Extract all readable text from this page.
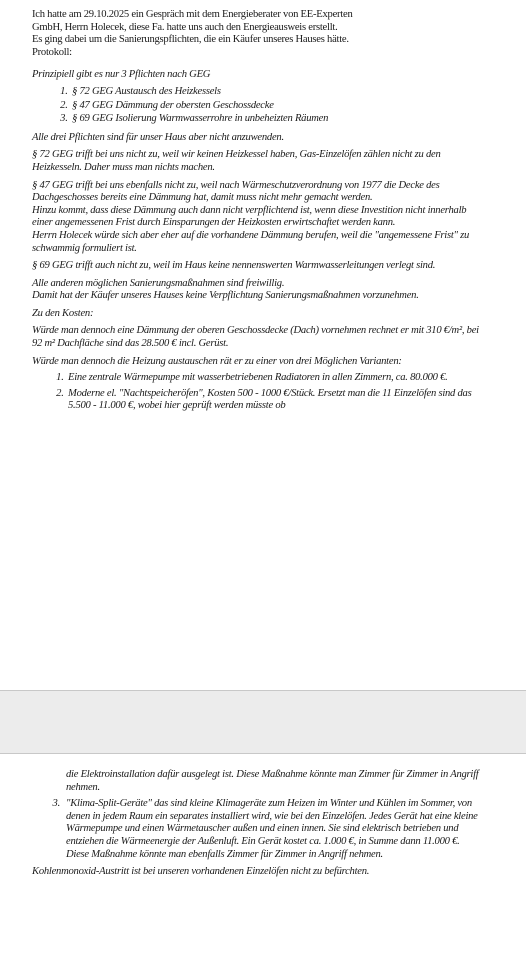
Ich hatte am 29.10.2025 ein Gespräch mit dem Energieberater von EE-Experten
GmbH, Herrn Holecek, diese Fa. hatte uns auch den Energieausweis erstellt.
Es ging dabei um die Sanierungspflichten, die ein Käufer unseres Hauses hätte.
Protokoll:

Prinzipiell gibt es nur 3 Pflichten nach GEG

1. § 72 GEG Austausch des Heizkessels
2. § 47 GEG Dämmung der obersten Geschossdecke
3. § 69 GEG Isolierung Warmwasserrohre in unbeheizten Räumen

Alle drei Pflichten sind für unser Haus aber nicht anzuwenden.

§ 72 GEG trifft bei uns nicht zu, weil wir keinen Heizkessel haben, Gas-Einzelöfen zählen nicht zu den Heizkesseln. Daher muss man nichts machen.

§ 47 GEG trifft bei uns ebenfalls nicht zu, weil nach Wärmeschutzverordnung von 1977 die Decke des Dachgeschosses bereits eine Dämmung hat, damit muss nicht mehr gemacht werden.

Hinzu kommt, dass diese Dämmung auch dann nicht verpflichtend ist, wenn diese Investition nicht innerhalb einer angemessenen Frist durch Einsparungen der Heizkosten erwirtschaftet werden kann.

Herrn Holecek würde sich aber eher auf die vorhandene Dämmung berufen, weil die "angemessene Frist" zu schwammig formuliert ist.

§ 69 GEG trifft auch nicht zu, weil im Haus keine nennenswerten Warmwasserleitungen verlegt sind.

Alle anderen möglichen Sanierungsmaßnahmen sind freiwillig.

Damit hat der Käufer unseres Hauses keine Verpflichtung Sanierungsmaßnahmen vorzunehmen.

Zu den Kosten:

Würde man dennoch eine Dämmung der oberen Geschossdecke (Dach) vornehmen rechnet er mit 310 €/m², bei 92 m² Dachfläche sind das 28.500 € incl. Gerüst.

Würde man dennoch die Heizung austauschen rät er zu einer von drei Möglichen Varianten:

1. Eine zentrale Wärmepumpe mit wasserbetriebenen Radiatoren in allen Zimmern, ca. 80.000 €.
2. Moderne el. "Nachtspeicheröfen", Kosten 500 - 1000 €/Stück. Ersetzt man die 11 Einzelöfen sind das 5.500 - 11.000 €, wobei hier geprüft werden müsste ob

die Elektroinstallation dafür ausgelegt ist. Diese Maßnahme könnte man Zimmer für Zimmer in Angriff nehmen.

3. "Klima-Split-Geräte" das sind kleine Klimageräte zum Heizen im Winter und Kühlen im Sommer, von denen in jedem Raum ein separates installiert wird, wie bei den Einzelöfen. Jedes Gerät hat eine kleine Wärmepumpe und einen Wärmetauscher außen und einen innen. Sie sind elektrisch betrieben und entziehen die Wärmeenergie der Außenluft. Ein Gerät kostet ca. 1.000 €, in Summe dann 11.000 €. Diese Maßnahme könnte man ebenfalls Zimmer für Zimmer in Angriff nehmen.

Kohlenmonoxid-Austritt ist bei unseren vorhandenen Einzelöfen nicht zu befürchten.
